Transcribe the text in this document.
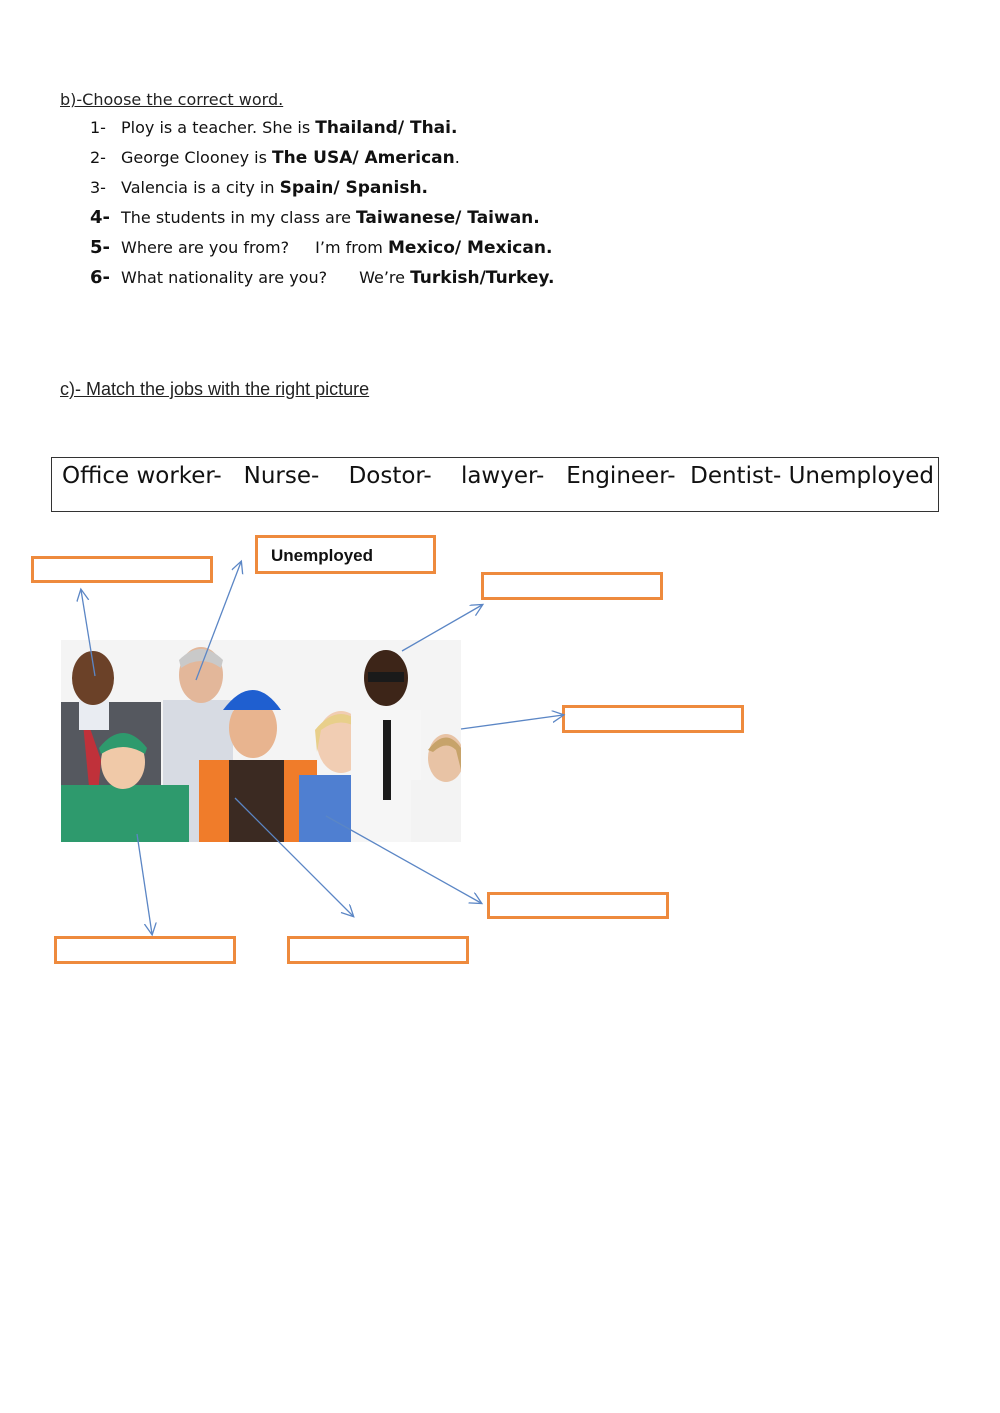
b)-Choose the correct word.
1- Ploy is a teacher. She is Thailand/ Thai.
2- George Clooney is The USA/ American.
3- Valencia is a city in Spain/ Spanish.
4- The students in my class are Taiwanese/ Taiwan.
5- Where are you from? I’m from Mexico/ Mexican.
6- What nationality are you? We’re Turkish/Turkey.
c)- Match the jobs with the right picture
Office worker-   Nurse-    Dostor-    lawyer-   Engineer-  Dentist- Unemployed
Unemployed
